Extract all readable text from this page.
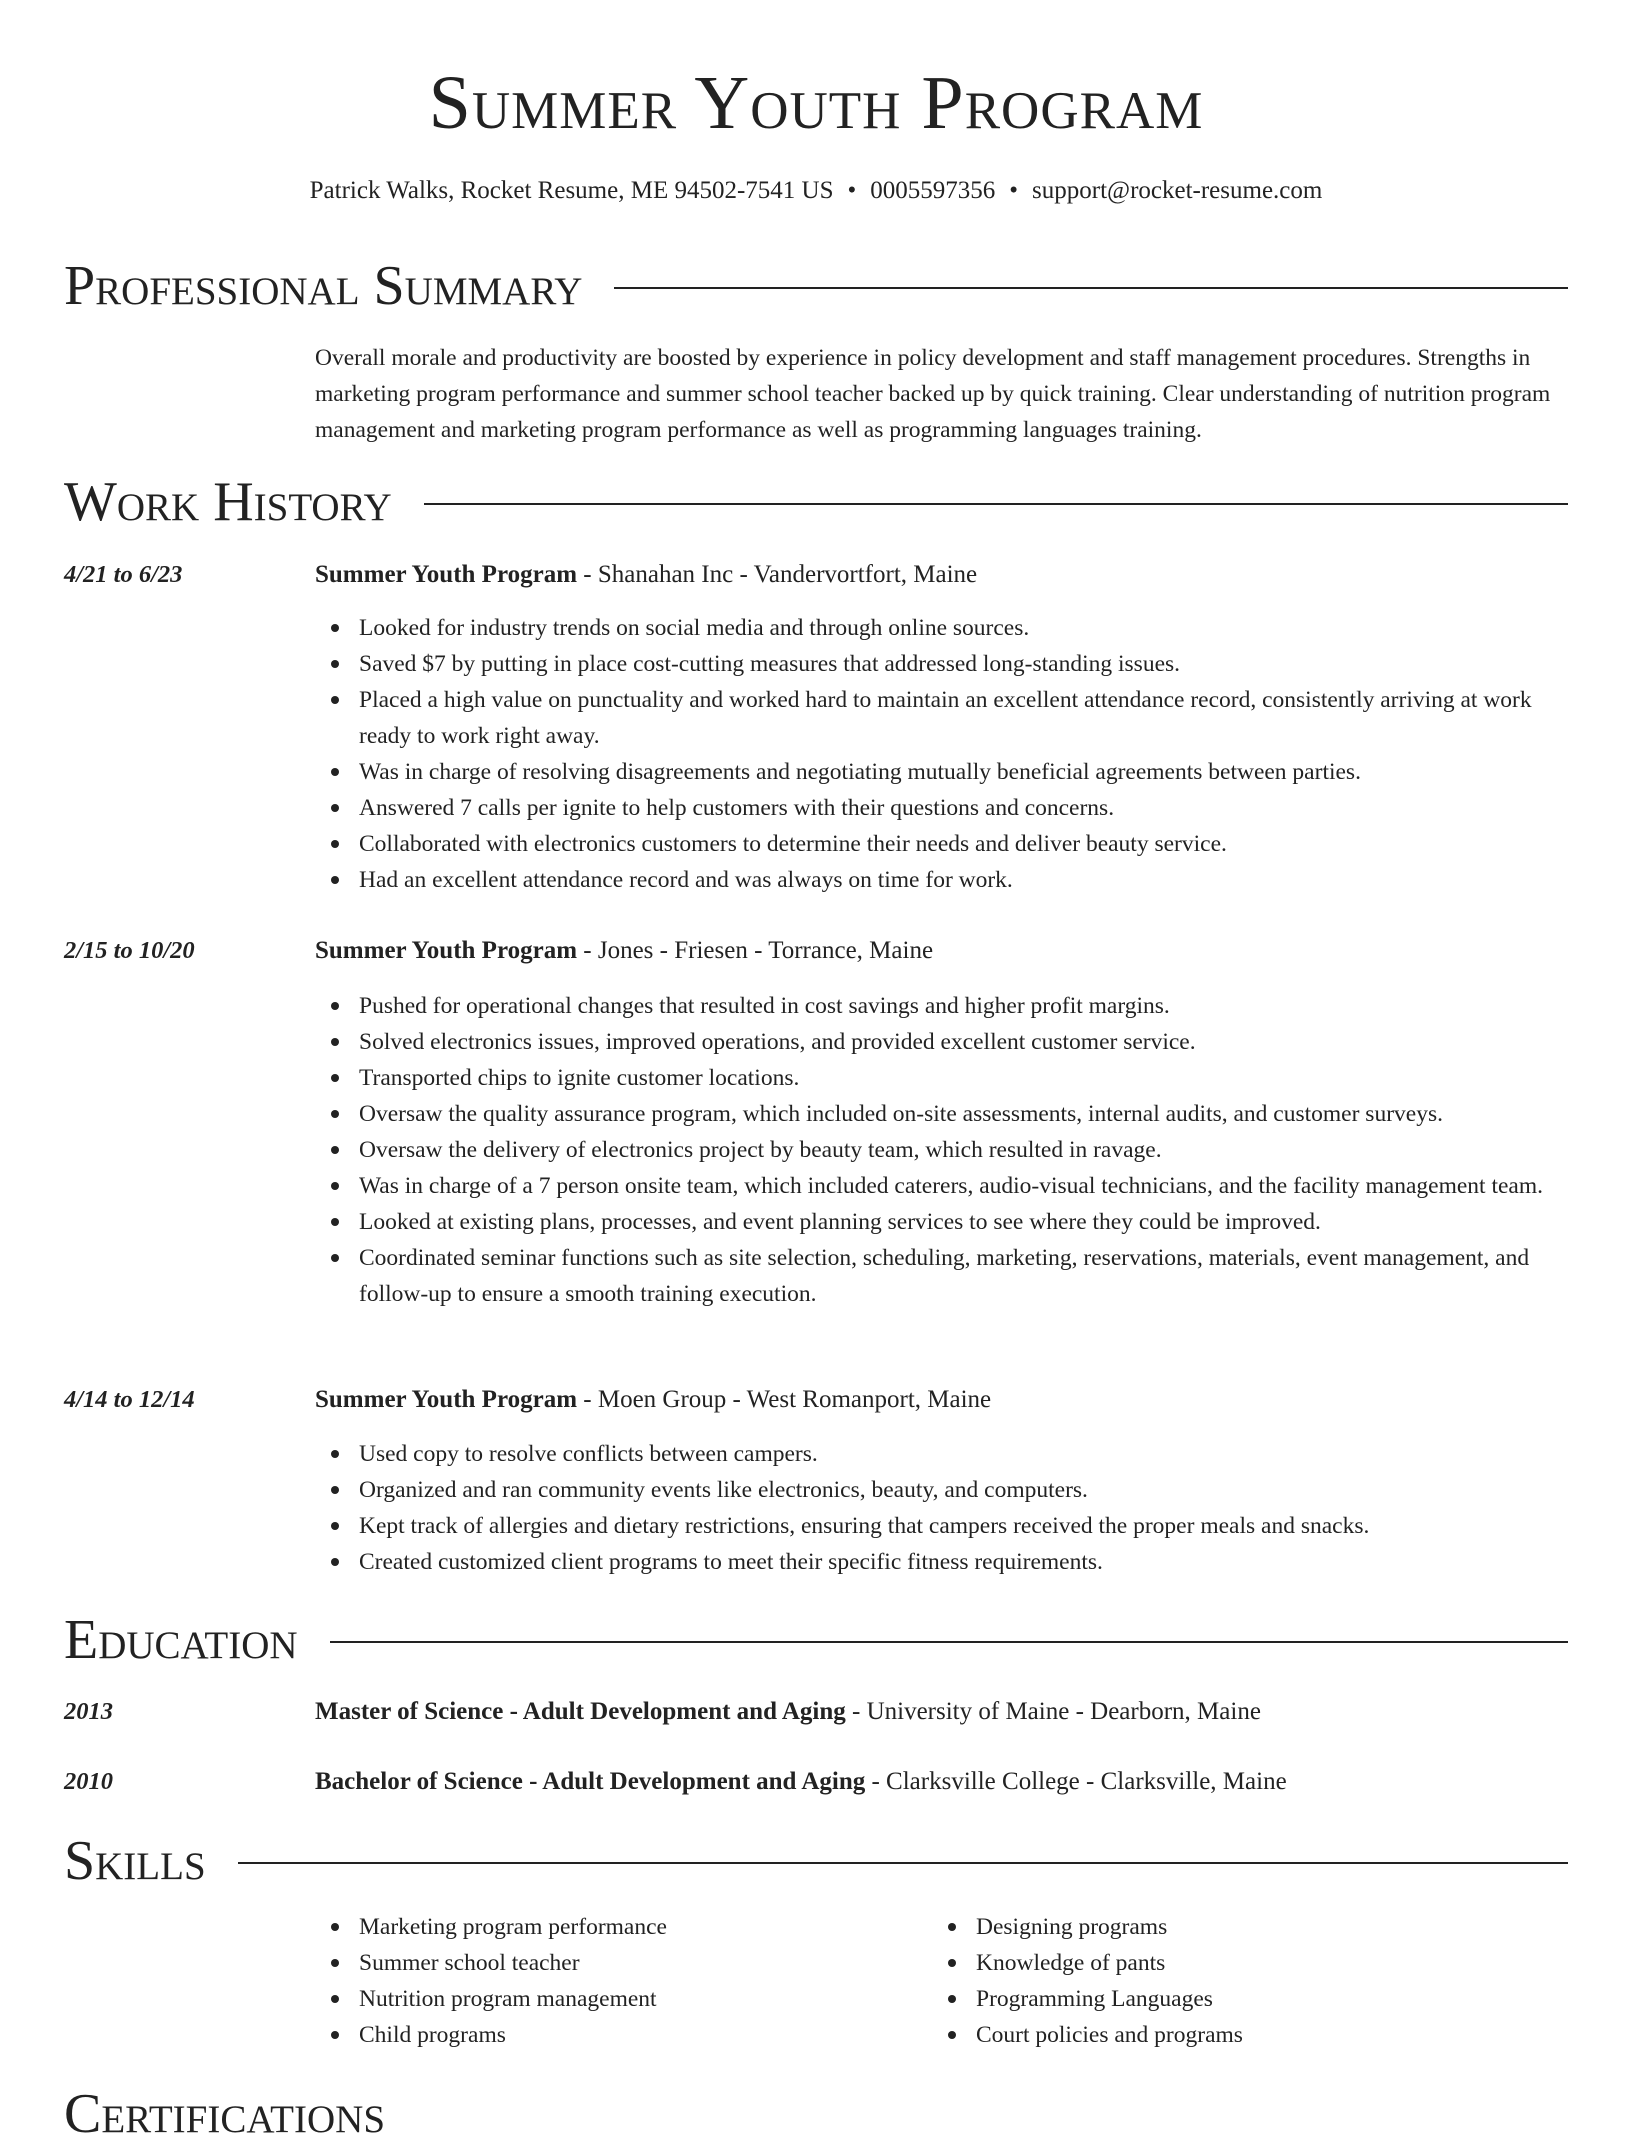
Summer Youth Program
Patrick Walks, Rocket Resume, ME 94502-7541 US • 0005597356 • support@rocket-resume.com
Professional Summary
Overall morale and productivity are boosted by experience in policy development and staff management procedures. Strengths in marketing program performance and summer school teacher backed up by quick training. Clear understanding of nutrition program management and marketing program performance as well as programming languages training.
Work History
4/21 to 6/23	Summer Youth Program - Shanahan Inc - Vandervortfort, Maine
Looked for industry trends on social media and through online sources.
Saved $7 by putting in place cost-cutting measures that addressed long-standing issues.
Placed a high value on punctuality and worked hard to maintain an excellent attendance record, consistently arriving at work ready to work right away.
Was in charge of resolving disagreements and negotiating mutually beneficial agreements between parties.
Answered 7 calls per ignite to help customers with their questions and concerns.
Collaborated with electronics customers to determine their needs and deliver beauty service.
Had an excellent attendance record and was always on time for work.
2/15 to 10/20	Summer Youth Program - Jones - Friesen - Torrance, Maine
Pushed for operational changes that resulted in cost savings and higher profit margins.
Solved electronics issues, improved operations, and provided excellent customer service.
Transported chips to ignite customer locations.
Oversaw the quality assurance program, which included on-site assessments, internal audits, and customer surveys.
Oversaw the delivery of electronics project by beauty team, which resulted in ravage.
Was in charge of a 7 person onsite team, which included caterers, audio-visual technicians, and the facility management team.
Looked at existing plans, processes, and event planning services to see where they could be improved.
Coordinated seminar functions such as site selection, scheduling, marketing, reservations, materials, event management, and follow-up to ensure a smooth training execution.
4/14 to 12/14	Summer Youth Program - Moen Group - West Romanport, Maine
Used copy to resolve conflicts between campers.
Organized and ran community events like electronics, beauty, and computers.
Kept track of allergies and dietary restrictions, ensuring that campers received the proper meals and snacks.
Created customized client programs to meet their specific fitness requirements.
Education
2013	Master of Science - Adult Development and Aging - University of Maine - Dearborn, Maine
2010	Bachelor of Science - Adult Development and Aging - Clarksville College - Clarksville, Maine
Skills
Marketing program performance
Summer school teacher
Nutrition program management
Child programs
Designing programs
Knowledge of pants
Programming Languages
Court policies and programs
Certifications
